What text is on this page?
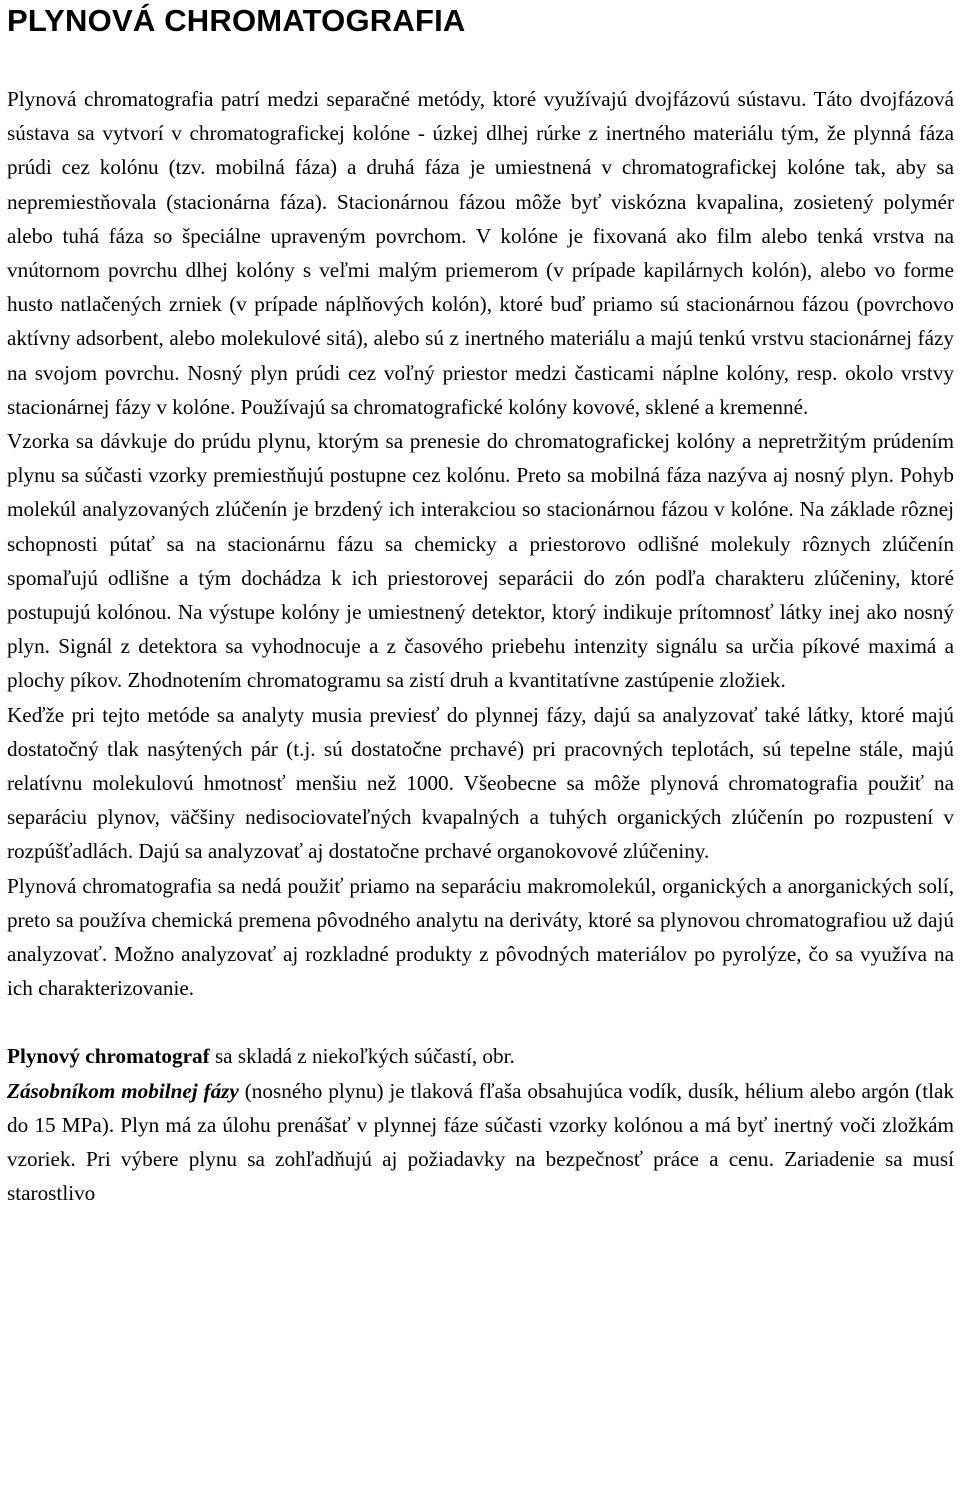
PLYNOVÁ CHROMATOGRAFIA

Plynová chromatografia patrí medzi separačné metódy, ktoré využívajú dvojfázovú sústavu. Táto dvojfázová sústava sa vytvorí v chromatografickej kolóne - úzkej dlhej rúrke z inertného materiálu tým, že plynná fáza prúdi cez kolónu (tzv. mobilná fáza) a druhá fáza je umiestnená v chromatografickej kolóne tak, aby sa nepremiestňovala (stacionárna fáza). Stacionárnou fázou môže byť viskózna kvapalina, zosietený polymér alebo tuhá fáza so špeciálne upraveným povrchom. V kolóne je fixovaná ako film alebo tenká vrstva na vnútornom povrchu dlhej kolóny s veľmi malým priemerom (v prípade kapilárnych kolón), alebo vo forme husto natlačených zrniek (v prípade náplňových kolón), ktoré buď priamo sú stacionárnou fázou (povrchovo aktívny adsorbent, alebo molekulové sitá), alebo sú z inertného materiálu a majú tenkú vrstvu stacionárnej fázy na svojom povrchu. Nosný plyn prúdi cez voľný priestor medzi časticami náplne kolóny, resp. okolo vrstvy stacionárnej fázy v kolóne. Používajú sa chromatografické kolóny kovové, sklené a kremenné.

Vzorka sa dávkuje do prúdu plynu, ktorým sa prenesie do chromatografickej kolóny a nepretržitým prúdením plynu sa súčasti vzorky premiestňujú postupne cez kolónu. Preto sa mobilná fáza nazýva aj nosný plyn. Pohyb molekúl analyzovaných zlúčenín je brzdený ich interakciou so stacionárnou fázou v kolóne. Na základe rôznej schopnosti pútať sa na stacionárnu fázu sa chemicky a priestorovo odlišné molekuly rôznych zlúčenín spomaľujú odlišne a tým dochádza k ich priestorovej separácii do zón podľa charakteru zlúčeniny, ktoré postupujú kolónou. Na výstupe kolóny je umiestnený detektor, ktorý indikuje prítomnosť látky inej ako nosný plyn. Signál z detektora sa vyhodnocuje a z časového priebehu intenzity signálu sa určia píkové maximá a plochy píkov. Zhodnotením chromatogramu sa zistí druh a kvantitatívne zastúpenie zložiek.

Keďže pri tejto metóde sa analyty musia previesť do plynnej fázy, dajú sa analyzovať také látky, ktoré majú dostatočný tlak nasýtených pár (t.j. sú dostatočne prchavé) pri pracovných teplotách, sú tepelne stále, majú relatívnu molekulovú hmotnosť menšiu než 1000. Všeobecne sa môže plynová chromatografia použiť na separáciu plynov, väčšiny nedisociovateľných kvapalných a tuhých organických zlúčenín po rozpustení v rozpúšťadlách. Dajú sa analyzovať aj dostatočne prchavé organokovové zlúčeniny.

Plynová chromatografia sa nedá použiť priamo na separáciu makromolekúl, organických a anorganických solí, preto sa používa chemická premena pôvodného analytu na deriváty, ktoré sa plynovou chromatografiou už dajú analyzovať. Možno analyzovať aj rozkladné produkty z pôvodných materiálov po pyrolýze, čo sa využíva na ich charakterizovanie.

Plynový chromatograf sa skladá z niekoľkých súčastí, obr.

Zásobníkom mobilnej fázy (nosného plynu) je tlaková fľaša obsahujúca vodík, dusík, hélium alebo argón (tlak do 15 MPa). Plyn má za úlohu prenášať v plynnej fáze súčasti vzorky kolónou a má byť inertný voči zložkám vzoriek. Pri výbere plynu sa zohľadňujú aj požiadavky na bezpečnosť práce a cenu. Zariadenie sa musí starostlivo
